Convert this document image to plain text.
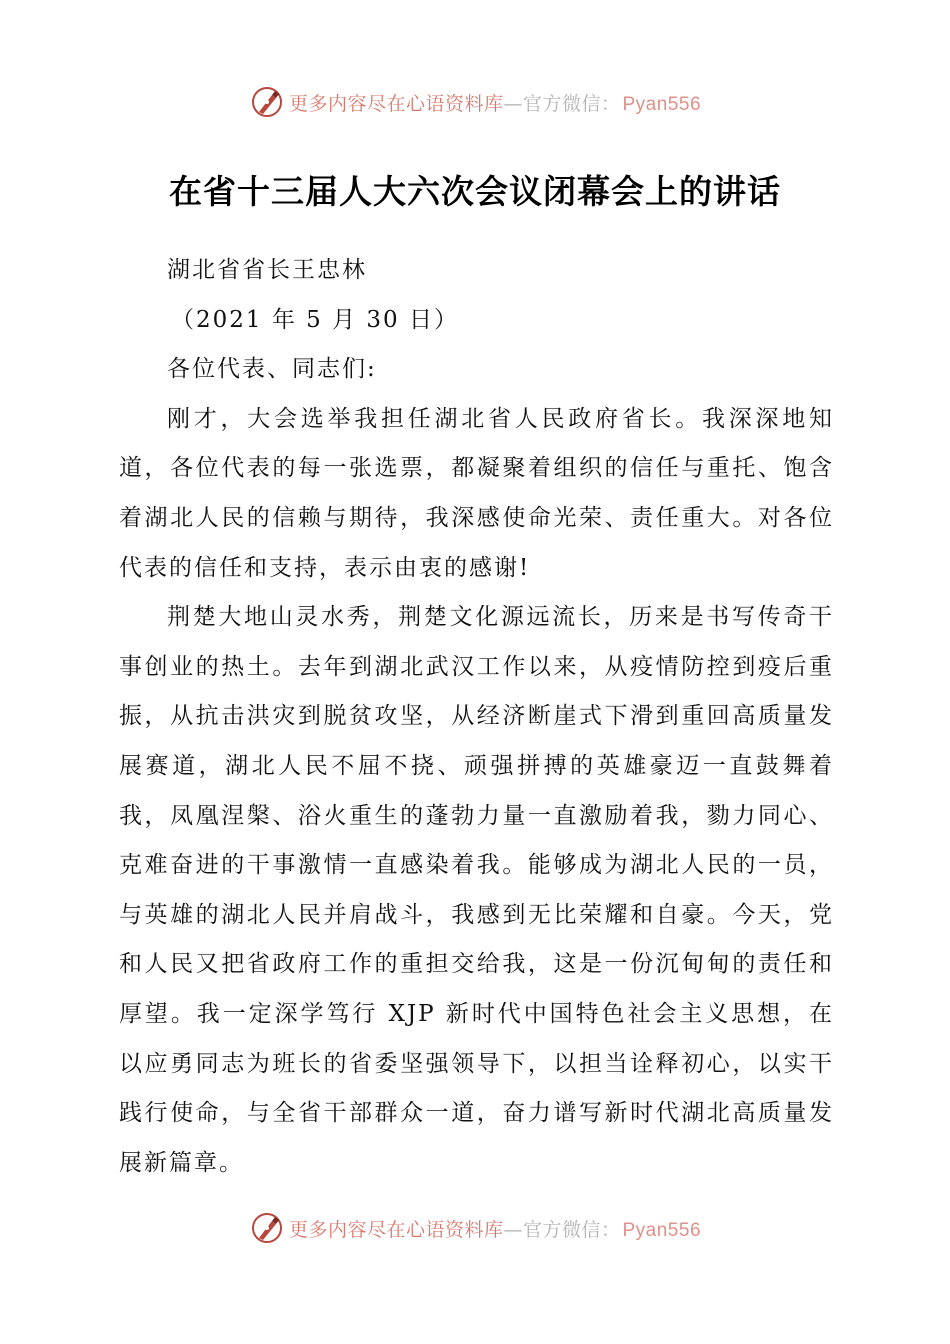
更多内容尽在心语资料库—官方微信： Pyan556
在省十三届人大六次会议闭幕会上的讲话
湖北省省长王忠林
（2021 年 5 月 30 日）
各位代表、同志们:

刚才，大会选举我担任湖北省人民政府省长。我深深地知道，各位代表的每一张选票，都凝聚着组织的信任与重托、饱含着湖北人民的信赖与期待，我深感使命光荣、责任重大。对各位代表的信任和支持，表示由衷的感谢!

荆楚大地山灵水秀，荆楚文化源远流长，历来是书写传奇干事创业的热土。去年到湖北武汉工作以来，从疫情防控到疫后重振，从抗击洪灾到脱贫攻坚，从经济断崖式下滑到重回高质量发展赛道，湖北人民不屈不挠、顽强拼搏的英雄豪迈一直鼓舞着我，凤凰涅槃、浴火重生的蓬勃力量一直激励着我，勠力同心、克难奋进的干事激情一直感染着我。能够成为湖北人民的一员，与英雄的湖北人民并肩战斗，我感到无比荣耀和自豪。今天，党和人民又把省政府工作的重担交给我，这是一份沉甸甸的责任和厚望。我一定深学笃行 XJP 新时代中国特色社会主义思想，在以应勇同志为班长的省委坚强领导下，以担当诠释初心，以实干践行使命，与全省干部群众一道，奋力谱写新时代湖北高质量发展新篇章。

更多内容尽在心语资料库—官方微信： Pyan556
